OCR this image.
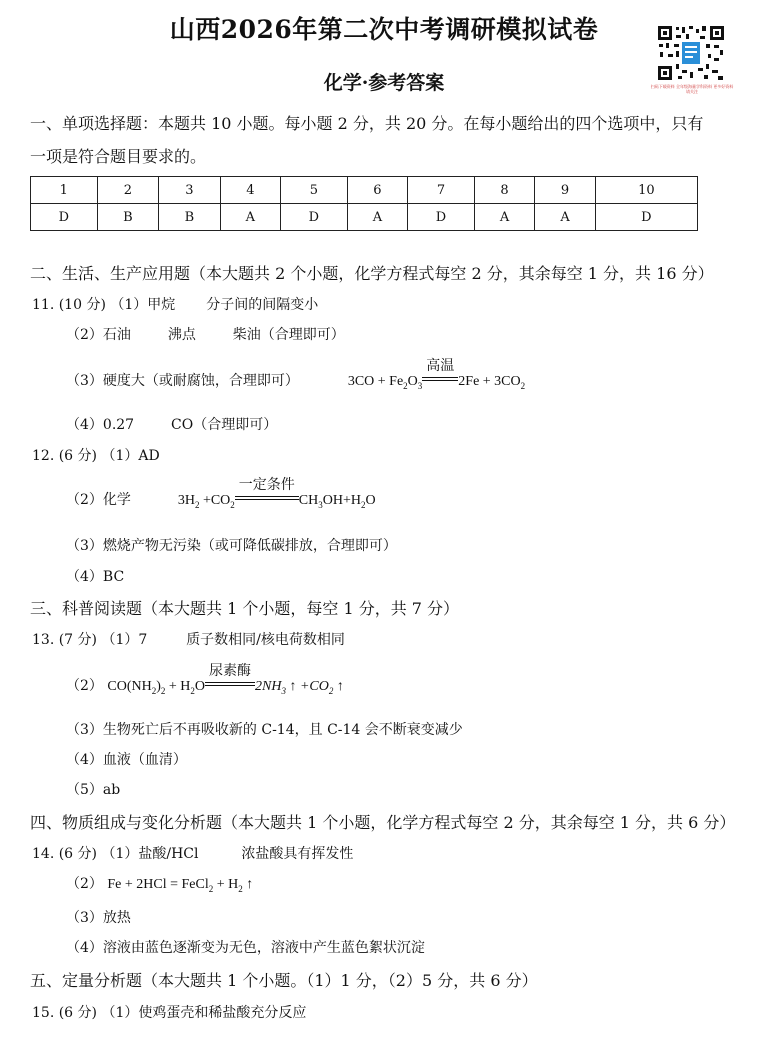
山西2026年第二次中考调研模拟试卷
化学·参考答案	扫码下载资料 全年级海量学科资料 更多好资料请关注
一、单项选择题：本题共 10 小题。每小题 2 分，共 20 分。在每小题给出的四个选项中，只有
一项是符合题目要求的。
1	2	3	4	5	6	7	8	9	10
D	B	B	A	D	A	D	A	A	D
二、生活、生产应用题（本大题共 2 个小题，化学方程式每空 2 分，其余每空 1 分，共 16 分）
11. (10 分) （1）甲烷 分子间的间隔变小
（2）石油	沸点	柴油（合理即可）
（3）硬度大（或耐腐蚀，合理即可）	$3CO + Fe_2O_3$
高温
$2Fe + 3CO_2$
（4）0.27	CO（合理即可）
12. (6 分) （1）AD
（2）化学	$3H_2 +CO_2$
一定条件
$CH_3OH+H_2O$
（3）燃烧产物无污染（或可降低碳排放，合理即可）
（4）BC
三、科普阅读题（本大题共 1 个小题，每空 1 分，共 7 分）
13. (7 分) （1）7	质子数相同/核电荷数相同
（2） $CO(NH_2)_2 + H_2O$
尿素酶
$2NH_3$ ↑ $+CO_2$ ↑
（3）生物死亡后不再吸收新的 C-14，且 C-14 会不断衰变减少
（4）血液（血清）
（5）ab
四、物质组成与变化分析题（本大题共 1 个小题，化学方程式每空 2 分，其余每空 1 分，共 6 分）
14. (6 分) （1）盐酸/HCl	浓盐酸具有挥发性
（2） Fe + 2HCl = FeCl$_2$ + $H_2$ ↑
（3）放热
（4）溶液由蓝色逐渐变为无色，溶液中产生蓝色絮状沉淀
五、定量分析题（本大题共 1 个小题。（1）1 分，（2）5 分，共 6 分）
15. (6 分) （1）使鸡蛋壳和稀盐酸充分反应
